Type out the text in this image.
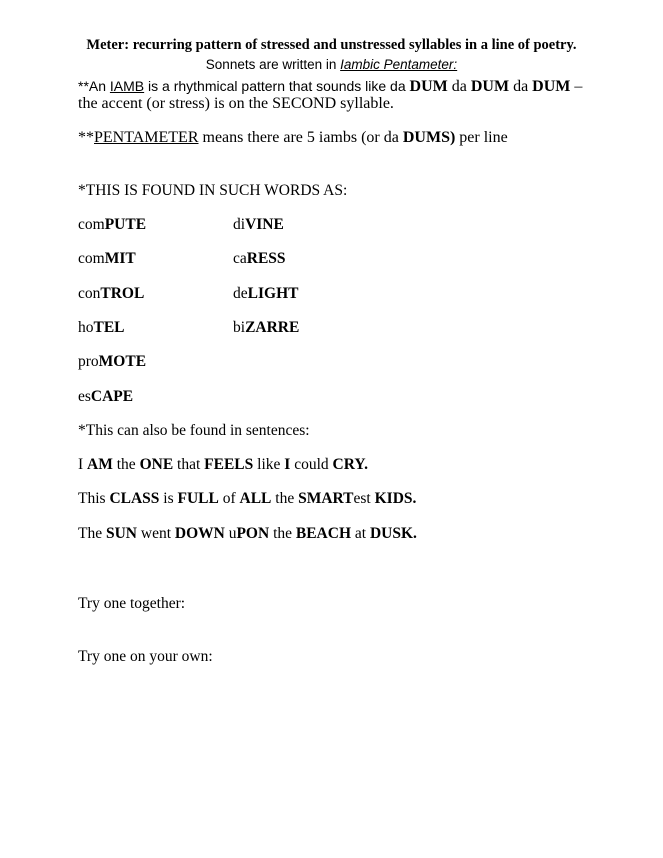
Meter: recurring pattern of stressed and unstressed syllables in a line of poetry.
Sonnets are written in Iambic Pentameter:
**An IAMB is a rhythmical pattern that sounds like da DUM da DUM da DUM –
the accent (or stress) is on the SECOND syllable.
**PENTAMETER means there are 5 iambs (or da DUMS) per line
*THIS IS FOUND IN SUCH WORDS AS:
comPUTE
comMIT
conTROL
hoTEL
proMOTE
esCAPE
diVINE
caRESS
deLIGHT
biZARRE
*This can also be found in sentences:
I AM the ONE that FEELS like I could CRY.
This CLASS is FULL of ALL the SMARTest KIDS.
The SUN went DOWN uPON the BEACH at DUSK.
Try one together:
Try one on your own:
